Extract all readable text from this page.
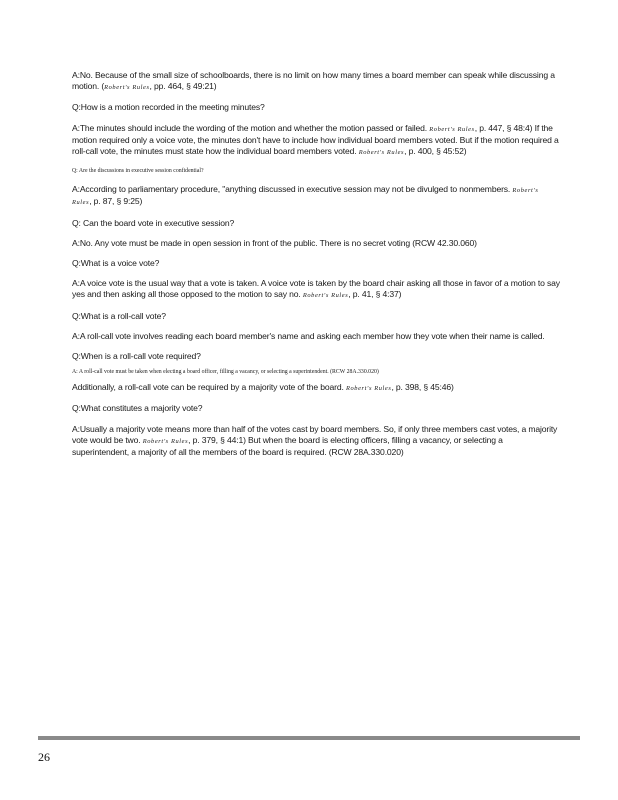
A:No. Because of the small size of schoolboards, there is no limit on how many times a board member can speak while discussing a motion. (Robert's Rules, pp. 464, § 49:21)

Q:How is a motion recorded in the meeting minutes?

A:The minutes should include the wording of the motion and whether the motion passed or failed. Robert's Rules, p. 447, § 48:4) If the motion required only a voice vote, the minutes don't have to include how individual board members voted. But if the motion required a roll-call vote, the minutes must state how the individual board members voted. Robert's Rules, p. 400, § 45:52)

Q: Are the discussions in executive session confidential?

A:According to parliamentary procedure, "anything discussed in executive session may not be divulged to nonmembers. Robert's Rules, p. 87, § 9:25)

Q: Can the board vote in executive session?

A:No. Any vote must be made in open session in front of the public. There is no secret voting (RCW 42.30.060)

Q:What is a voice vote?

A:A voice vote is the usual way that a vote is taken. A voice vote is taken by the board chair asking all those in favor of a motion to say yes and then asking all those opposed to the motion to say no. Robert's Rules, p. 41, § 4:37)

Q:What is a roll-call vote?

A:A roll-call vote involves reading each board member's name and asking each member how they vote when their name is called.

Q:When is a roll-call vote required?

A: A roll-call vote must be taken when electing a board officer, filling a vacancy, or selecting a superintendent. (RCW 28A.330.020)

Additionally, a roll-call vote can be required by a majority vote of the board. Robert's Rules, p. 398, § 45:46)

Q:What constitutes a majority vote?

A:Usually a majority vote means more than half of the votes cast by board members. So, if only three members cast votes, a majority vote would be two. Robert's Rules, p. 379, § 44:1) But when the board is electing officers, filling a vacancy, or selecting a superintendent, a majority of all the members of the board is required. (RCW 28A.330.020)

26
